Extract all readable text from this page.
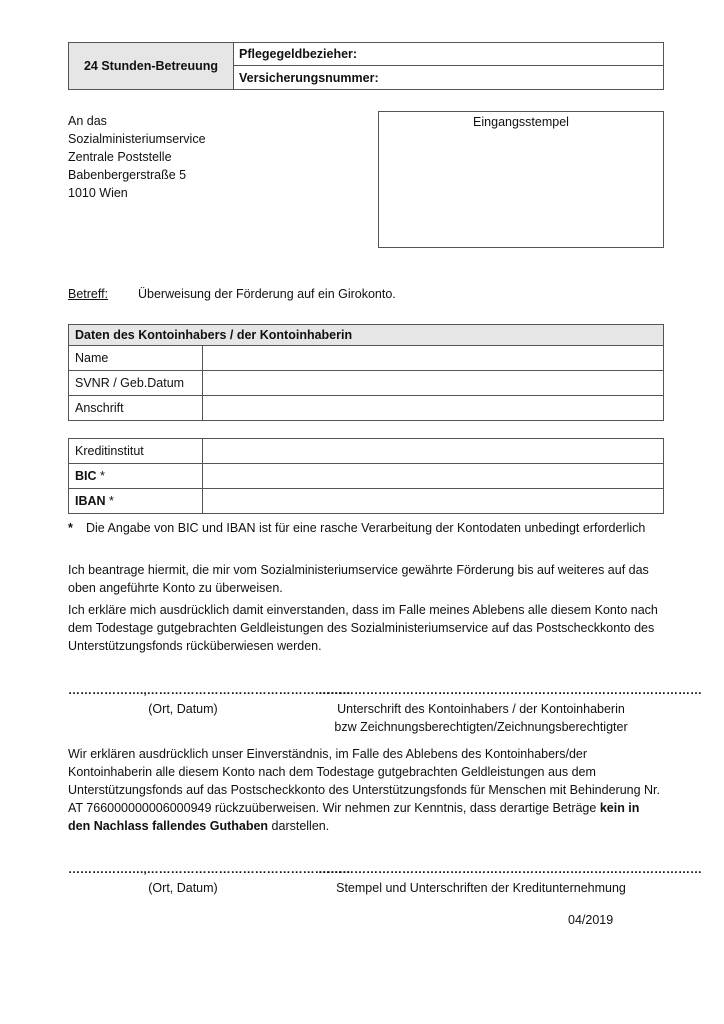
24 Stunden-Betreuung
Pflegegeldbezieher:
Versicherungsnummer:
An das
Sozialministeriumservice
Zentrale Poststelle
Babenbergerstraße 5
1010 Wien
Eingangsstempel
Betreff: Überweisung der Förderung auf ein Girokonto.
Daten des Kontoinhabers / der Kontoinhaberin
Name
SVNR / Geb.Datum
Anschrift
Kreditinstitut
BIC *
IBAN *
* Die Angabe von BIC und IBAN ist für eine rasche Verarbeitung der Kontodaten unbedingt erforderlich
Ich beantrage hiermit, die mir vom Sozialministeriumservice gewährte Förderung bis auf weiteres auf das oben angeführte Konto zu überweisen.
Ich erkläre mich ausdrücklich damit einverstanden, dass im Falle meines Ablebens alle diesem Konto nach dem Todestage gutgebrachten Geldleistungen des Sozialministeriumservice auf das Postscheckkonto des Unterstützungsfonds rücküberwiesen werden.
……………….,……………………………………………
……………………………………………………………………………………
(Ort, Datum)	Unterschrift des Kontoinhabers / der Kontoinhaberin
bzw Zeichnungsberechtigten/Zeichnungsberechtigter
Wir erklären ausdrücklich unser Einverständnis, im Falle des Ablebens des Kontoinhabers/der Kontoinhaberin alle diesem Konto nach dem Todestage gutgebrachten Geldleistungen aus dem Unterstützungsfonds auf das Postscheckkonto des Unterstützungsfonds für Menschen mit Behinderung Nr. AT 766000000006000949 rückzuüberweisen. Wir nehmen zur Kenntnis, dass derartige Beträge kein in den Nachlass fallendes Guthaben darstellen.
……………….,……………………………………………
……………………………………………………………………………………
(Ort, Datum)	Stempel und Unterschriften der Kreditunternehmung
04/2019
